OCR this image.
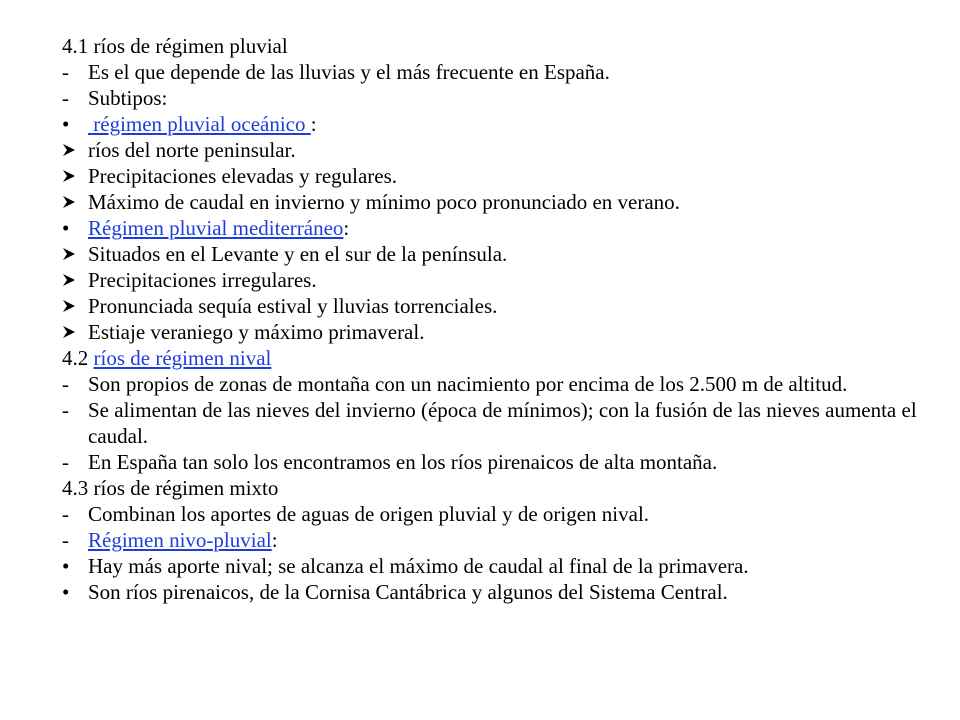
4.1 ríos de régimen pluvial
- Es el que depende de las lluvias y el más frecuente en España.
- Subtipos:
• régimen pluvial oceánico :
ríos del norte peninsular.
Precipitaciones elevadas y regulares.
Máximo de caudal en invierno y mínimo poco pronunciado en verano.
• Régimen pluvial mediterráneo:
Situados en el Levante y en el sur de la península.
Precipitaciones irregulares.
Pronunciada sequía estival y lluvias torrenciales.
Estiaje veraniego y máximo primaveral.
4.2 ríos de régimen nival
- Son propios de zonas de montaña con un nacimiento por encima de los 2.500 m de altitud.
- Se alimentan de las nieves del invierno (época de mínimos); con la fusión de las nieves aumenta el caudal.
- En España tan solo los encontramos en los ríos pirenaicos de alta montaña.
4.3 ríos de régimen mixto
- Combinan los aportes de aguas de origen pluvial y de origen nival.
- Régimen nivo-pluvial:
• Hay más aporte nival; se alcanza el máximo de caudal al final de la primavera.
• Son ríos pirenaicos, de la Cornisa Cantábrica y algunos del Sistema Central.
